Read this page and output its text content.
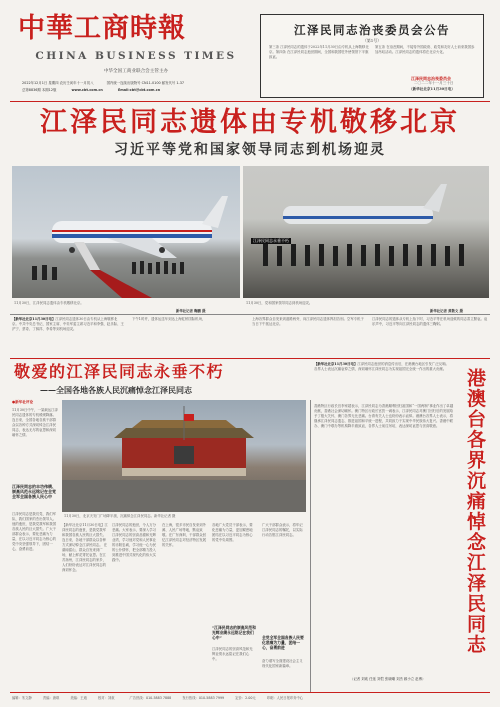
中華工商時報
CHINA BUSINESS TIMES
中华全国工商业联合会主管主办
2022年12月1日 星期四 农历壬寅年十一月初八	国内统一连续出版物号 CN11-0100 邮发代号 1-37
总第8836期 本期12版	www.cbt.com.cn	Email:cbt@cbt.com.cn
江泽民同志治丧委员会公告
（第1号）
第三条 江泽民同志的遗体于2022年11月30日由专机从上海敬移北京。第四条 在江泽民同志逝世期间，全国和我国驻外使领馆下半旗致哀。
第五条 在治丧期间，不接待外国政府、政党和友好人士前来我国参加吊唁活动。江泽民同志的遗体将在北京火化。
江泽民同志治丧委员会
二〇二二年十一月三十日
（新华社北京11月30日电）
江泽民同志遗体由专机敬移北京
习近平等党和国家领导同志到机场迎灵
江泽民同志永垂不朽
11月30日，江泽民同志遗体由专机敬移北京。
新华社记者 鞠鹏 摄
11月30日，党和国家领导同志到机场迎灵。
新华社记者 黄敬文 摄
【新华社北京11月30日电】江泽民同志遗体30日由专机从上海敬移北京。中共中央总书记、国家主席、中央军委主席习近平和李强、赵乐际、王沪宁、蔡奇、丁薛祥、李希等到机场迎灵。
下午1时许，遗体运送车到达上海虹桥国际机场，	上海各界群众自发来到道路两旁，向江泽民同志遗体挥泪告别。空军专机于当日下午抵达北京。
江泽民同志的遗体从专机上抬下时，习近平等在机场迎候的同志肃立默哀。哀乐声中，习近平等向江泽民同志的遗体三鞠躬。
敬爱的江泽民同志永垂不朽
——全国各地各族人民沉痛悼念江泽民同志
【新华社北京11月30日电】江泽民同志逝世的消息传出后，在港澳台地区引发广泛反响。各界人士表达沉痛哀悼之情，深切缅怀江泽民同志为实现祖国完全统一作出的重大贡献。
●新华社评论
11月30日中午，一架载运江泽民同志遗体的专机缓缓降落。连日来，全国各地各族干部群众以各种方式深切悼念江泽民同志，表达无尽的哀思和深切缅怀之情。
江泽民同志的丰功伟绩、崇高风范永远铭记在全党全军全国各族人民心中
江泽民同志是我们党、我们军队、我们国家的杰出领导人。他的逝世，是我党我军和我国各族人民的巨大损失。广大干部群众表示，要化悲痛为力量，在以习近平同志为核心的党中央坚强领导下，团结一心，奋勇前进。
11月30日，北京天安门广场降半旗，沉痛悼念江泽民同志。新华社记者 摄
【新华社北京11月30日电】江泽民同志的逝世，是我党我军和我国各族人民的巨大损失。连日来，各地干部群众以各种方式深切悼念江泽民同志。 在湖南韶山，群众自发来到广场，献上鲜花寄托哀思。在江苏扬州，江泽民同志的家乡，人们纷纷表达对江泽民同志的深切怀念。
江泽民同志的逝世，令人万分悲痛。大家表示，要深入学习江泽民同志的崇高品德和光辉业绩，学习他对党和人民事业的赤胆忠诚，学习他一心为民的公仆情怀，把全部精力投入到推进中国式现代化的伟大实践中。
在上海，很多市民自发来到外滩、人民广场等地，默哀致敬。在广东深圳，干部群众回忆江泽民同志对经济特区发展的关怀。
各地广大党员干部表示，要化悲痛为力量，更加紧密地团结在以习近平同志为核心的党中央周围。
“江泽民同志的崇高风范和光辉业绩永远铭记在我们心中”
江泽民同志的崇高风范和光辉业绩永远铭记在我们心中。
广大干部群众表示，将牢记江泽民同志的嘱托，以实际行动告慰江泽民同志。
全党全军全国各族人民要化悲痛为力量，团结一心，奋勇前进
奋力谱写全面建设社会主义现代化国家新篇章。
香港特区行政长官李家超表示，江泽民同志为香港顺利回归祖国和“一国两制”事业作出了卓越贡献，香港社会深切缅怀。澳门特区行政长官贺一诚表示，江泽民同志对澳门回归后的发展给予了极大关怀，澳门各界无比悲痛。台湾有关人士也纷纷表示哀悼。港澳台各界人士表示，将继承江泽民同志遗志，推进祖国和平统一进程，共同致力于实现中华民族伟大复兴。香港中联办、澳门中联办等机构降半旗致哀，各界人士前往吊唁，表达深切哀思与崇高敬意。
（记者 刘欢 任延 刘恺 张晓曦 刘杰 顾小立 赵博）
港澳台各界沉痛悼念江泽民同志
编辑：朱文静	责编：唐琪	美编：王迪	校对：刘欢	广告热线：010-5883 7888	发行热线：010-5883 7999	定价：2.00元	印刷：人民日报印务中心
